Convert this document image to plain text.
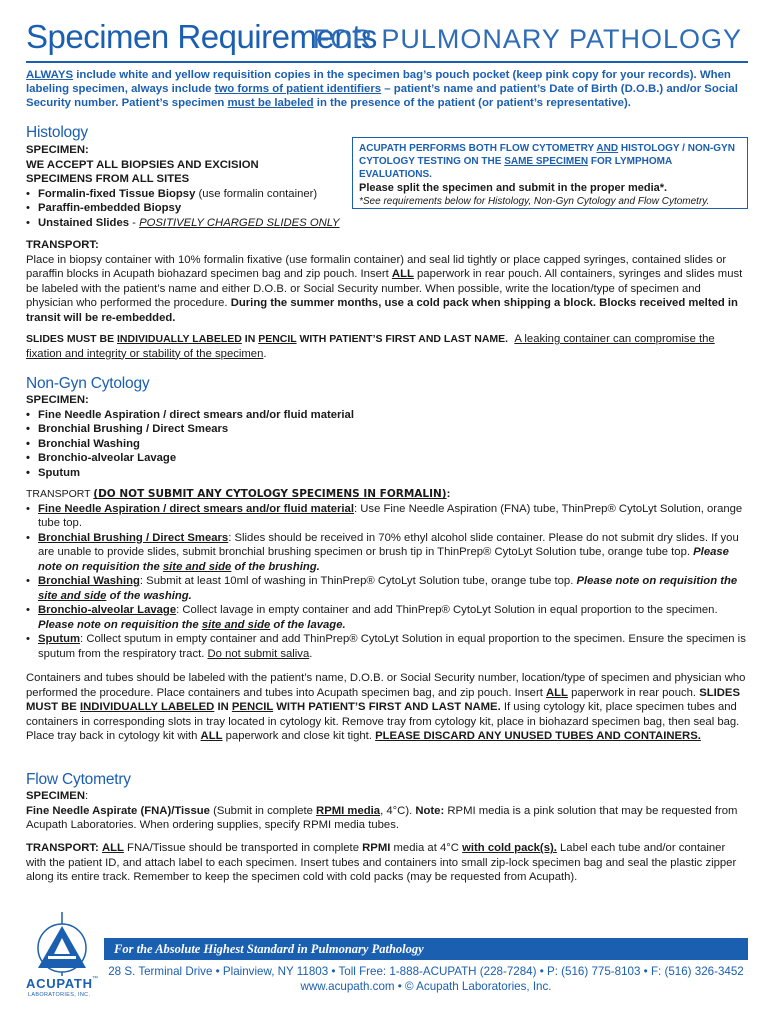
Specimen Requirements
FOR PULMONARY PATHOLOGY
ALWAYS include white and yellow requisition copies in the specimen bag’s pouch pocket (keep pink copy for your records). When labeling specimen, always include two forms of patient identifiers – patient’s name and patient’s Date of Birth (D.O.B.) and/or Social Security number. Patient’s specimen must be labeled in the presence of the patient (or patient’s representative).
Histology
SPECIMEN:
WE ACCEPT ALL BIOPSIES AND EXCISION
SPECIMENS FROM ALL SITES
• Formalin-fixed Tissue Biopsy (use formalin container)
• Paraffin-embedded Biopsy
• Unstained Slides - POSITIVELY CHARGED SLIDES ONLY
ACUPATH PERFORMS BOTH FLOW CYTOMETRY AND HISTOLOGY / NON-GYN
CYTOLOGY TESTING ON THE SAME SPECIMEN FOR LYMPHOMA EVALUATIONS.
Please split the specimen and submit in the proper media*.
*See requirements below for Histology, Non-Gyn Cytology and Flow Cytometry.
TRANSPORT:
Place in biopsy container with 10% formalin fixative (use formalin container) and seal lid tightly or place capped syringes, contained slides or paraffin blocks in Acupath biohazard specimen bag and zip pouch. Insert ALL paperwork in rear pouch. All containers, syringes and slides must be labeled with the patient’s name and either D.O.B. or Social Security number. When possible, write the location/type of specimen and physician who performed the procedure. During the summer months, use a cold pack when shipping a block. Blocks received melted in transit will be re-embedded.
SLIDES MUST BE INDIVIDUALLY LABELED IN PENCIL WITH PATIENT’S FIRST AND LAST NAME. A leaking container can compromise the fixation and integrity or stability of the specimen.
Non-Gyn Cytology
SPECIMEN:
• Fine Needle Aspiration / direct smears and/or fluid material
• Bronchial Brushing / Direct Smears
• Bronchial Washing
• Bronchio-alveolar Lavage
• Sputum
TRANSPORT (DO NOT SUBMIT ANY CYTOLOGY SPECIMENS IN FORMALIN):
• Fine Needle Aspiration / direct smears and/or fluid material: Use Fine Needle Aspiration (FNA) tube, ThinPrep® CytoLyt Solution, orange tube top.
• Bronchial Brushing / Direct Smears: Slides should be received in 70% ethyl alcohol slide container. Please do not submit dry slides. If you are unable to provide slides, submit bronchial brushing specimen or brush tip in ThinPrep® CytoLyt Solution tube, orange tube top. Please note on requisition the site and side of the brushing.
• Bronchial Washing: Submit at least 10ml of washing in ThinPrep® CytoLyt Solution tube, orange tube top. Please note on requisition the site and side of the washing.
• Bronchio-alveolar Lavage: Collect lavage in empty container and add ThinPrep® CytoLyt Solution in equal proportion to the specimen. Please note on requisition the site and side of the lavage.
• Sputum: Collect sputum in empty container and add ThinPrep® CytoLyt Solution in equal proportion to the specimen. Ensure the specimen is sputum from the respiratory tract. Do not submit saliva.
Containers and tubes should be labeled with the patient’s name, D.O.B. or Social Security number, location/type of specimen and physician who performed the procedure. Place containers and tubes into Acupath specimen bag, and zip pouch. Insert ALL paperwork in rear pouch. SLIDES MUST BE INDIVIDUALLY LABELED IN PENCIL WITH PATIENT’S FIRST AND LAST NAME. If using cytology kit, place specimen tubes and containers in corresponding slots in tray located in cytology kit. Remove tray from cytology kit, place in biohazard specimen bag, then seal bag. Place tray back in cytology kit with ALL paperwork and close kit tight. PLEASE DISCARD ANY UNUSED TUBES AND CONTAINERS.
Flow Cytometry
SPECIMEN:
Fine Needle Aspirate (FNA)/Tissue (Submit in complete RPMI media, 4°C). Note: RPMI media is a pink solution that may be requested from Acupath Laboratories. When ordering supplies, specify RPMI media tubes.
TRANSPORT: ALL FNA/Tissue should be transported in complete RPMI media at 4°C with cold pack(s). Label each tube and/or container with the patient ID, and attach label to each specimen. Insert tubes and containers into small zip-lock specimen bag and seal the plastic zipper along its entire track. Remember to keep the specimen cold with cold packs (may be requested from Acupath).
ACUPATH ™
LABORATORIES, INC.
For the Absolute Highest Standard in Pulmonary Pathology
28 S. Terminal Drive • Plainview, NY 11803 • Toll Free: 1-888-ACUPATH (228-7284) • P: (516) 775-8103 • F: (516) 326-3452
www.acupath.com • © Acupath Laboratories, Inc.
